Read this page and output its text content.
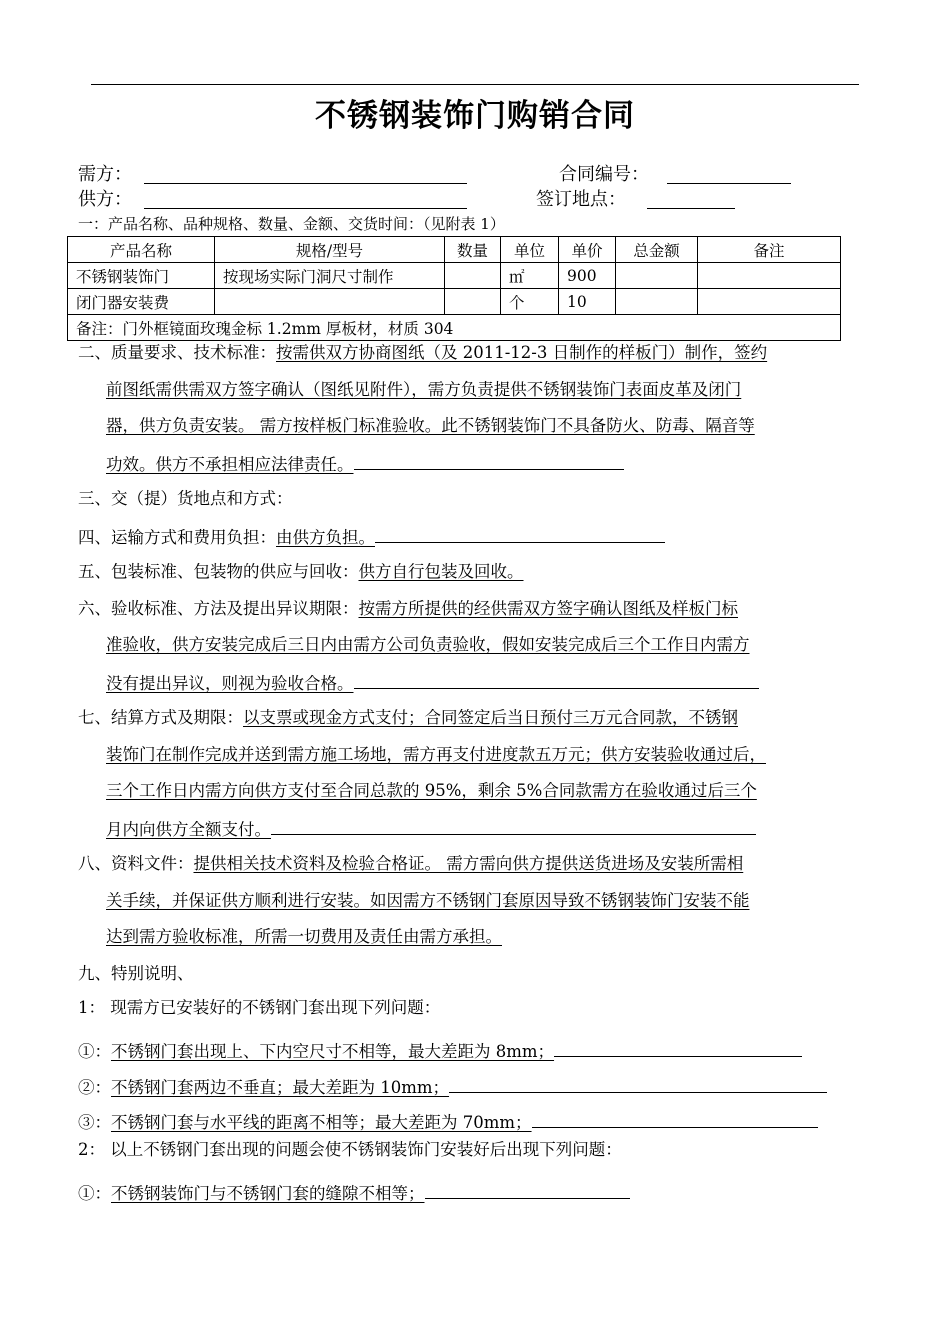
不锈钢装饰门购销合同
需方：	合同编号：
供方：	签订地点：
一：产品名称、品种规格、数量、金额、交货时间：（见附表 1）
产品名称	规格/型号	数量	单位	单价	总金额	备注
不锈钢装饰门	按现场实际门洞尺寸制作		㎡	900		
闭门器安装费			个	10		
备注：门外框镜面玫瑰金标 1.2mm 厚板材，材质 304						
二、质量要求、技术标准：按需供双方协商图纸（及 2011-12-3 日制作的样板门）制作，签约
前图纸需供需双方签字确认（图纸见附件），需方负责提供不锈钢装饰门表面皮革及闭门
器，供方负责安装。 需方按样板门标准验收。此不锈钢装饰门不具备防火、防毒、隔音等
功效。供方不承担相应法律责任。
三、交（提）货地点和方式：
四、运输方式和费用负担：由供方负担。
五、包装标准、包装物的供应与回收：供方自行包装及回收。
六、验收标准、方法及提出异议期限：按需方所提供的经供需双方签字确认图纸及样板门标
准验收，供方安装完成后三日内由需方公司负责验收，假如安装完成后三个工作日内需方
没有提出异议，则视为验收合格。
七、结算方式及期限：以支票或现金方式支付；合同签定后当日预付三万元合同款，不锈钢
装饰门在制作完成并送到需方施工场地，需方再支付进度款五万元；供方安装验收通过后，
三个工作日内需方向供方支付至合同总款的 95%，剩余 5%合同款需方在验收通过后三个
月内向供方全额支付。
八、资料文件：提供相关技术资料及检验合格证。 需方需向供方提供送货进场及安装所需相
关手续，并保证供方顺利进行安装。如因需方不锈钢门套原因导致不锈钢装饰门安装不能
达到需方验收标准，所需一切费用及责任由需方承担。
九、特别说明、
1： 现需方已安装好的不锈钢门套出现下列问题：
①：不锈钢门套出现上、下内空尺寸不相等，最大差距为 8mm；
②：不锈钢门套两边不垂直；最大差距为 10mm；
③：不锈钢门套与水平线的距离不相等；最大差距为 70mm；
2： 以上不锈钢门套出现的问题会使不锈钢装饰门安装好后出现下列问题：
①：不锈钢装饰门与不锈钢门套的缝隙不相等；
